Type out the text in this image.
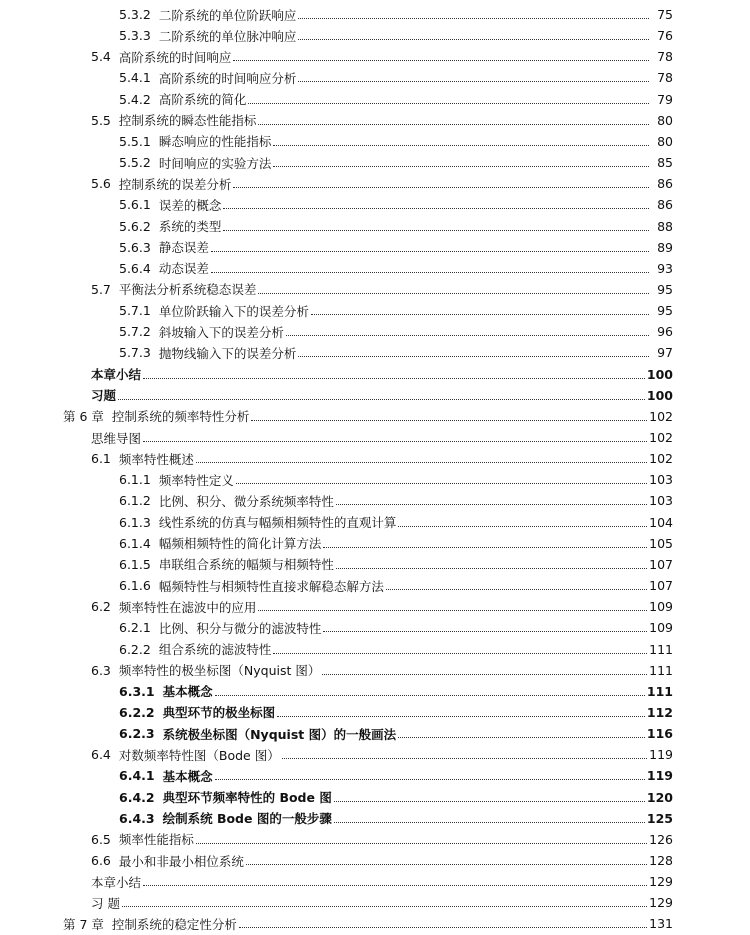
5.3.2 二阶系统的单位阶跃响应	75
5.3.3 二阶系统的单位脉冲响应	76
5.4 高阶系统的时间响应	78
5.4.1 高阶系统的时间响应分析	78
5.4.2 高阶系统的简化	79
5.5 控制系统的瞬态性能指标	80
5.5.1 瞬态响应的性能指标	80
5.5.2 时间响应的实验方法	85
5.6 控制系统的误差分析	86
5.6.1 误差的概念	86
5.6.2 系统的类型	88
5.6.3 静态误差	89
5.6.4 动态误差	93
5.7 平衡法分析系统稳态误差	95
5.7.1 单位阶跃输入下的误差分析	95
5.7.2 斜坡输入下的误差分析	96
5.7.3 抛物线输入下的误差分析	97
本章小结	100
习题	100
第 6 章 控制系统的频率特性分析	102
思维导图	102
6.1 频率特性概述	102
6.1.1 频率特性定义	103
6.1.2 比例、积分、微分系统频率特性	103
6.1.3 线性系统的仿真与幅频相频特性的直观计算	104
6.1.4 幅频相频特性的简化计算方法	105
6.1.5 串联组合系统的幅频与相频特性	107
6.1.6 幅频特性与相频特性直接求解稳态解方法	107
6.2 频率特性在滤波中的应用	109
6.2.1 比例、积分与微分的滤波特性	109
6.2.2 组合系统的滤波特性	111
6.3 频率特性的极坐标图（Nyquist 图）	111
6.3.1 基本概念	111
6.2.2 典型环节的极坐标图	112
6.2.3 系统极坐标图（Nyquist 图）的一般画法	116
6.4 对数频率特性图（Bode 图）	119
6.4.1 基本概念	119
6.4.2 典型环节频率特性的 Bode 图	120
6.4.3 绘制系统 Bode 图的一般步骤	125
6.5 频率性能指标	126
6.6 最小和非最小相位系统	128
本章小结	129
习 题	129
第 7 章 控制系统的稳定性分析	131
